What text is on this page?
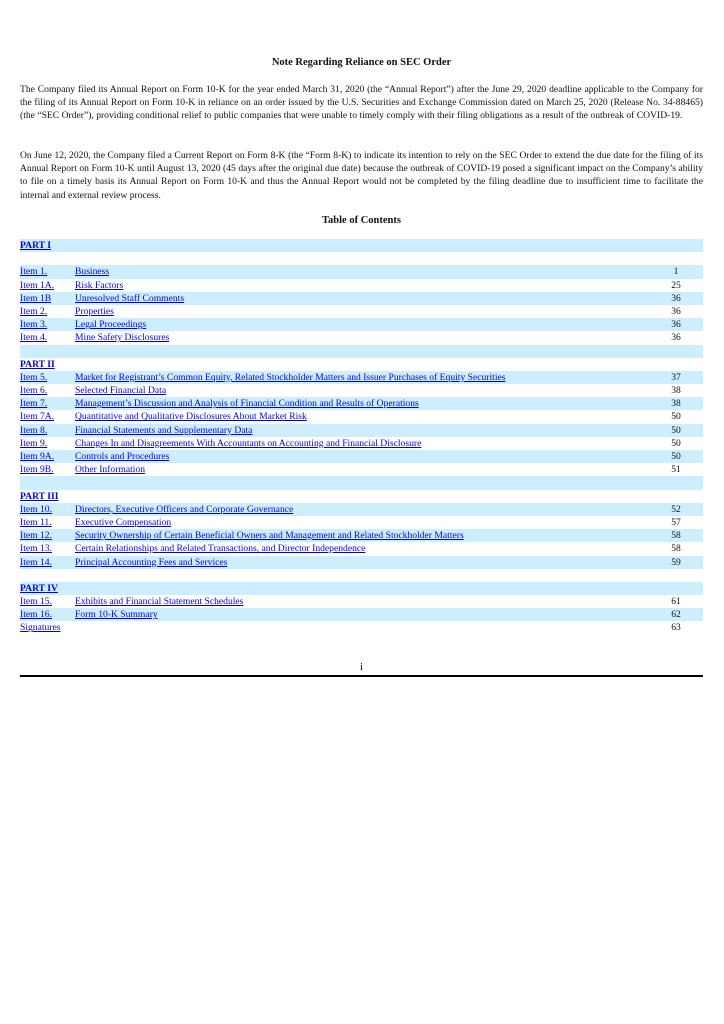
Note Regarding Reliance on SEC Order
The Company filed its Annual Report on Form 10-K for the year ended March 31, 2020 (the “Annual Report”) after the June 29, 2020 deadline applicable to the Company for the filing of its Annual Report on Form 10-K in reliance on an order issued by the U.S. Securities and Exchange Commission dated on March 25, 2020 (Release No. 34-88465) (the “SEC Order”), providing conditional relief to public companies that were unable to timely comply with their filing obligations as a result of the outbreak of COVID-19.
On June 12, 2020, the Company filed a Current Report on Form 8-K (the “Form 8-K) to indicate its intention to rely on the SEC Order to extend the due date for the filing of its Annual Report on Form 10-K until August 13, 2020 (45 days after the original due date) because the outbreak of COVID-19 posed a significant impact on the Company’s ability to file on a timely basis its Annual Report on Form 10-K and thus the Annual Report would not be completed by the filing deadline due to insufficient time to facilitate the internal and external review process.
Table of Contents
PART I
Item 1.	Business	1
Item 1A. Risk Factors	25
Item 1B Unresolved Staff Comments	36
Item 2.	Properties	36
Item 3.	Legal Proceedings	36
Item 4.	Mine Safety Disclosures	36
PART II
Item 5.	Market for Registrant’s Common Equity, Related Stockholder Matters and Issuer Purchases of Equity Securities	37
Item 6.	Selected Financial Data	38
Item 7.	Management’s Discussion and Analysis of Financial Condition and Results of Operations	38
Item 7A. Quantitative and Qualitative Disclosures About Market Risk	50
Item 8.	Financial Statements and Supplementary Data	50
Item 9.	Changes In and Disagreements With Accountants on Accounting and Financial Disclosure	50
Item 9A. Controls and Procedures	50
Item 9B. Other Information	51
PART III
Item 10. Directors, Executive Officers and Corporate Governance	52
Item 11. Executive Compensation	57
Item 12. Security Ownership of Certain Beneficial Owners and Management and Related Stockholder Matters	58
Item 13. Certain Relationships and Related Transactions, and Director Independence	58
Item 14. Principal Accounting Fees and Services	59
PART IV
Item 15. Exhibits and Financial Statement Schedules	61
Item 16. Form 10-K Summary	62
Signatures	63
i
